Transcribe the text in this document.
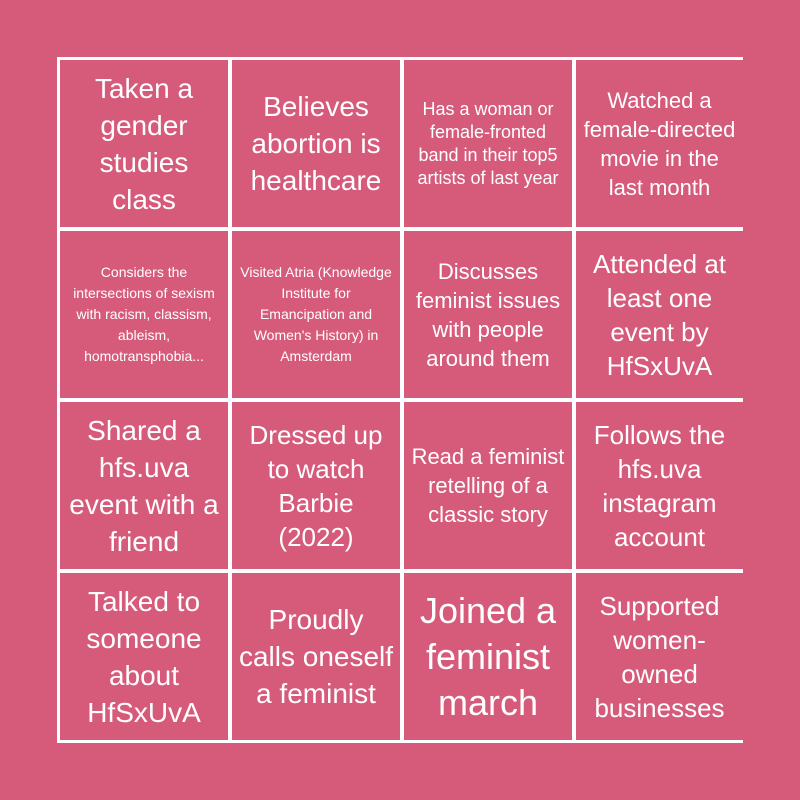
Taken a gender studies class
Believes abortion is healthcare
Has a woman or female-fronted band in their top5 artists of last year
Watched a female-directed movie in the last month
Considers the intersections of sexism with racism, classism, ableism, homotransphobia...
Visited Atria (Knowledge Institute for Emancipation and Women's History) in Amsterdam
Discusses feminist issues with people around them
Attended at least one event by HfSxUvA
Shared a hfs.uva event with a friend
Dressed up to watch Barbie (2022)
Read a feminist retelling of a classic story
Follows the hfs.uva instagram account
Talked to someone about HfSxUvA
Proudly calls oneself a feminist
Joined a feminist march
Supported women-owned businesses
